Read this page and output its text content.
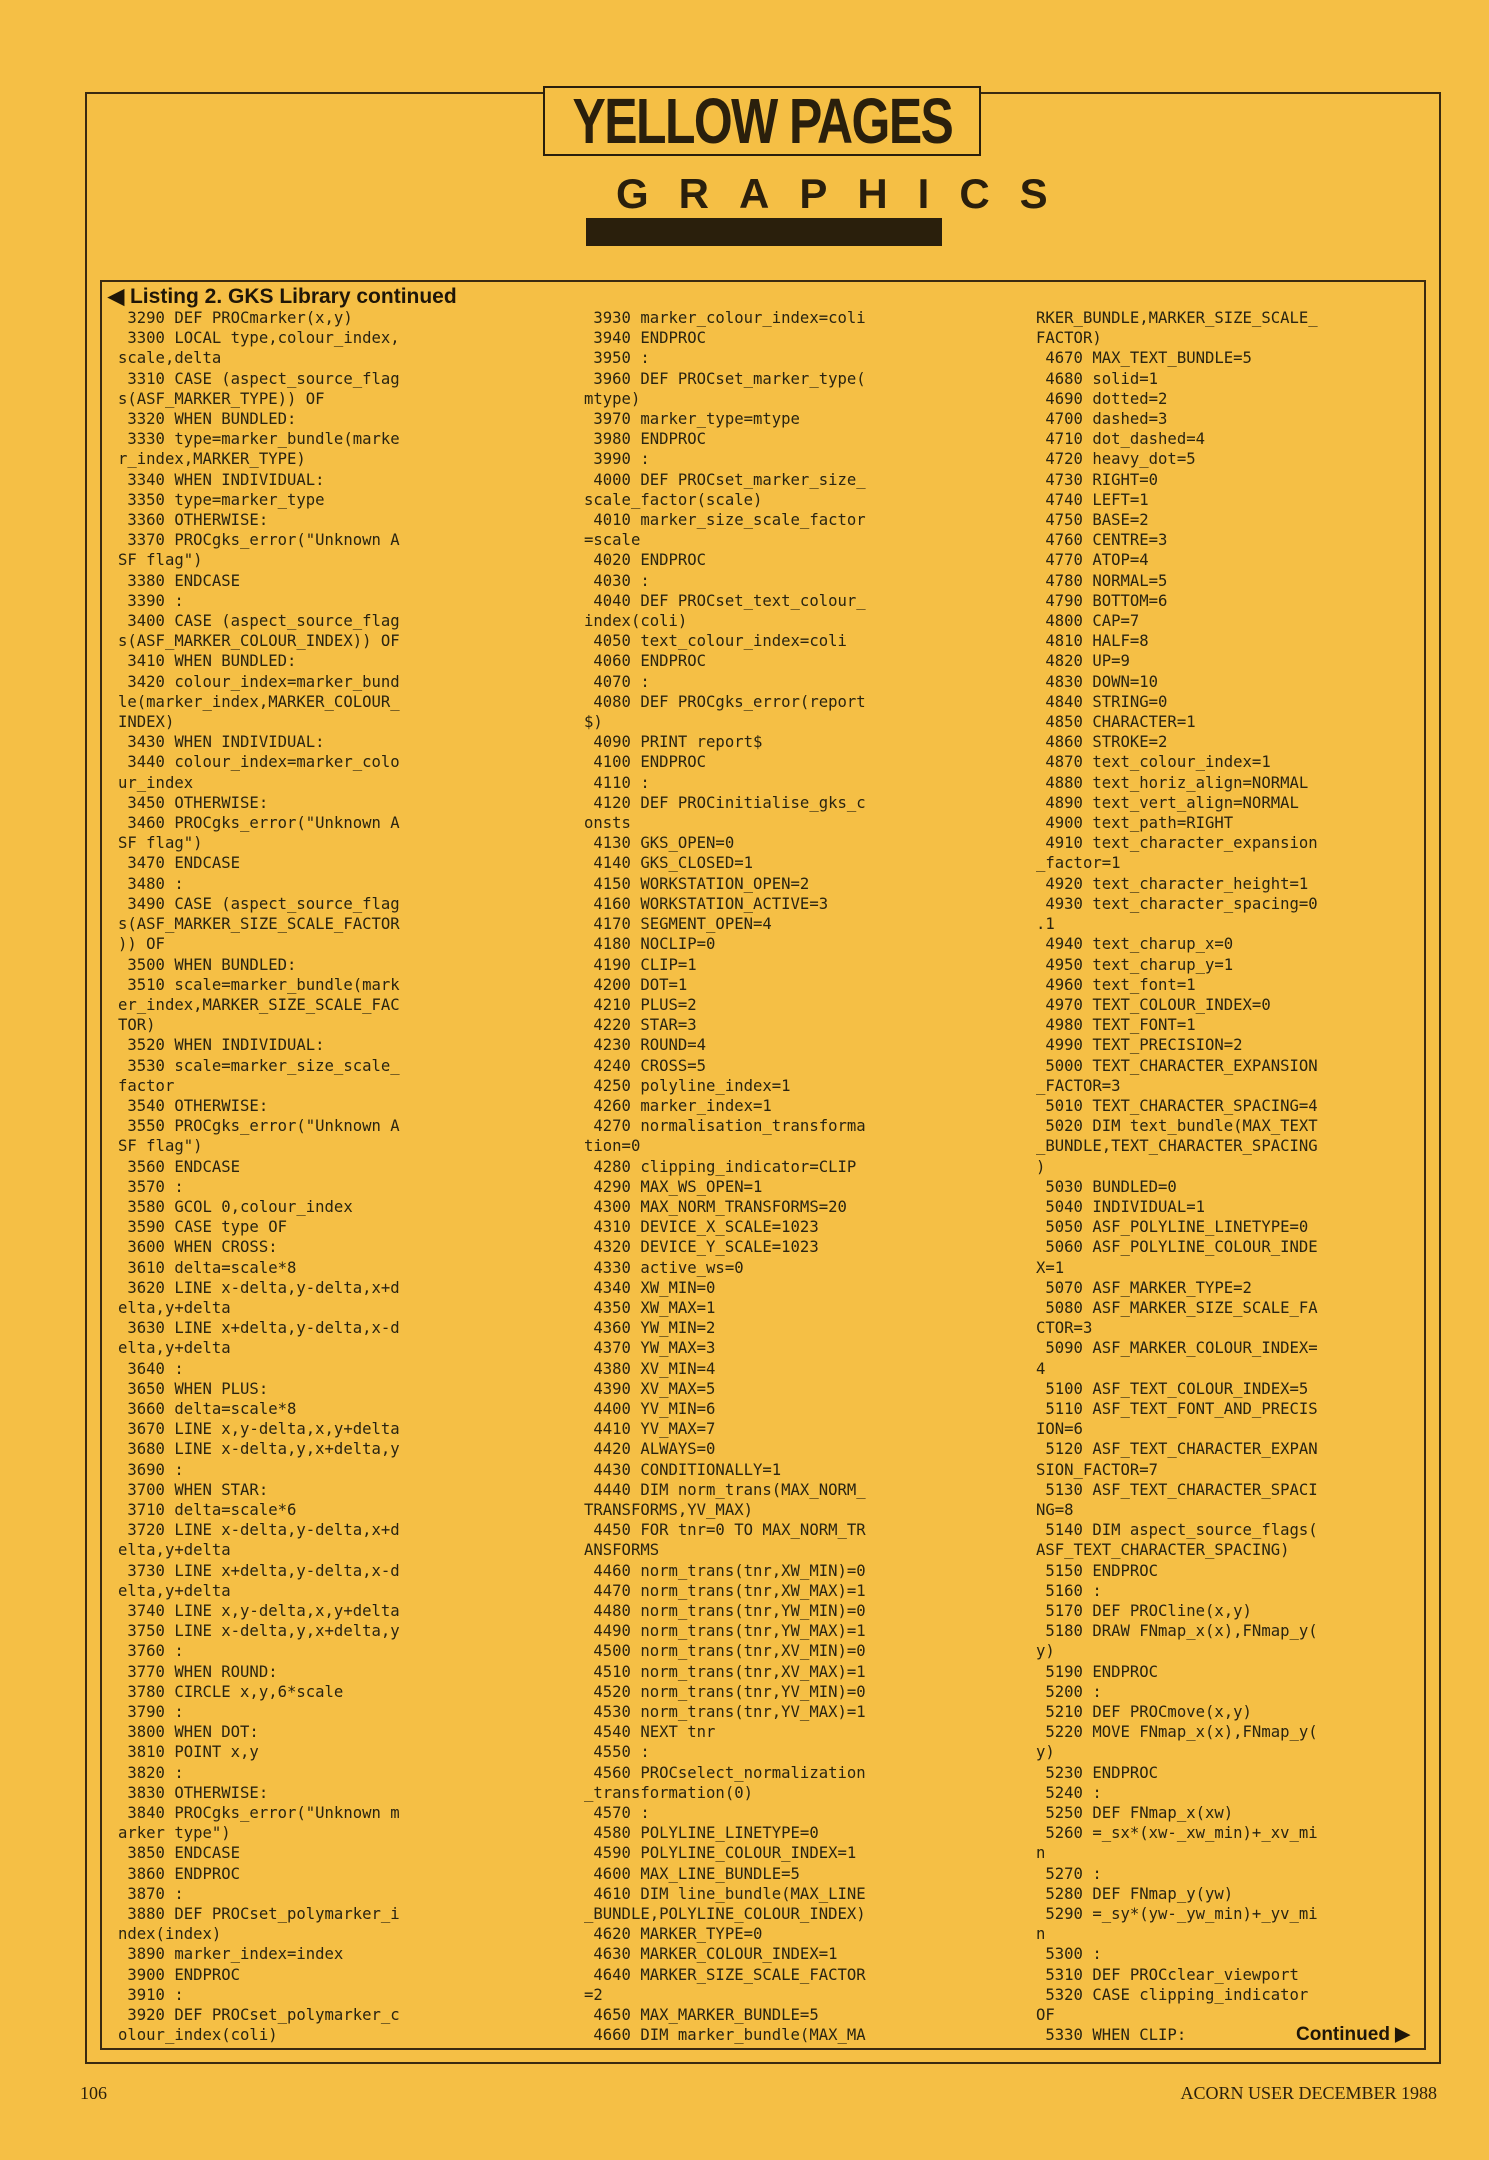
YELLOW PAGES
GRAPHICS
◀ Listing 2. GKS Library continued
3290 DEF PROCmarker(x,y)
3300 LOCAL type,colour_index,
scale,delta
3310 CASE (aspect_source_flag
s(ASF_MARKER_TYPE)) OF
3320 WHEN BUNDLED:
3330 type=marker_bundle(marke
r_index,MARKER_TYPE)
3340 WHEN INDIVIDUAL:
3350 type=marker_type
3360 OTHERWISE:
3370 PROCgks_error("Unknown A
SF flag")
3380 ENDCASE
3390 :
3400 CASE (aspect_source_flag
s(ASF_MARKER_COLOUR_INDEX)) OF
3410 WHEN BUNDLED:
3420 colour_index=marker_bund
le(marker_index,MARKER_COLOUR_
INDEX)
3430 WHEN INDIVIDUAL:
3440 colour_index=marker_colo
ur_index
3450 OTHERWISE:
3460 PROCgks_error("Unknown A
SF flag")
3470 ENDCASE
3480 :
3490 CASE (aspect_source_flag
s(ASF_MARKER_SIZE_SCALE_FACTOR
)) OF
3500 WHEN BUNDLED:
3510 scale=marker_bundle(mark
er_index,MARKER_SIZE_SCALE_FAC
TOR)
3520 WHEN INDIVIDUAL:
3530 scale=marker_size_scale_
factor
3540 OTHERWISE:
3550 PROCgks_error("Unknown A
SF flag")
3560 ENDCASE
3570 :
3580 GCOL 0,colour_index
3590 CASE type OF
3600 WHEN CROSS:
3610 delta=scale*8
3620 LINE x-delta,y-delta,x+d
elta,y+delta
3630 LINE x+delta,y-delta,x-d
elta,y+delta
3640 :
3650 WHEN PLUS:
3660 delta=scale*8
3670 LINE x,y-delta,x,y+delta
3680 LINE x-delta,y,x+delta,y
3690 :
3700 WHEN STAR:
3710 delta=scale*6
3720 LINE x-delta,y-delta,x+d
elta,y+delta
3730 LINE x+delta,y-delta,x-d
elta,y+delta
3740 LINE x,y-delta,x,y+delta
3750 LINE x-delta,y,x+delta,y
3760 :
3770 WHEN ROUND:
3780 CIRCLE x,y,6*scale
3790 :
3800 WHEN DOT:
3810 POINT x,y
3820 :
3830 OTHERWISE:
3840 PROCgks_error("Unknown m
arker type")
3850 ENDCASE
3860 ENDPROC
3870 :
3880 DEF PROCset_polymarker_i
ndex(index)
3890 marker_index=index
3900 ENDPROC
3910 :
3920 DEF PROCset_polymarker_c
olour_index(coli)
3930 marker_colour_index=coli
3940 ENDPROC
3950 :
3960 DEF PROCset_marker_type(
mtype)
3970 marker_type=mtype
3980 ENDPROC
3990 :
4000 DEF PROCset_marker_size_
scale_factor(scale)
4010 marker_size_scale_factor
=scale
4020 ENDPROC
4030 :
4040 DEF PROCset_text_colour_
index(coli)
4050 text_colour_index=coli
4060 ENDPROC
4070 :
4080 DEF PROCgks_error(report
$)
4090 PRINT report$
4100 ENDPROC
4110 :
4120 DEF PROCinitialise_gks_c
onsts
4130 GKS_OPEN=0
4140 GKS_CLOSED=1
4150 WORKSTATION_OPEN=2
4160 WORKSTATION_ACTIVE=3
4170 SEGMENT_OPEN=4
4180 NOCLIP=0
4190 CLIP=1
4200 DOT=1
4210 PLUS=2
4220 STAR=3
4230 ROUND=4
4240 CROSS=5
4250 polyline_index=1
4260 marker_index=1
4270 normalisation_transforma
tion=0
4280 clipping_indicator=CLIP
4290 MAX_WS_OPEN=1
4300 MAX_NORM_TRANSFORMS=20
4310 DEVICE_X_SCALE=1023
4320 DEVICE_Y_SCALE=1023
4330 active_ws=0
4340 XW_MIN=0
4350 XW_MAX=1
4360 YW_MIN=2
4370 YW_MAX=3
4380 XV_MIN=4
4390 XV_MAX=5
4400 YV_MIN=6
4410 YV_MAX=7
4420 ALWAYS=0
4430 CONDITIONALLY=1
4440 DIM norm_trans(MAX_NORM_
TRANSFORMS,YV_MAX)
4450 FOR tnr=0 TO MAX_NORM_TR
ANSFORMS
4460 norm_trans(tnr,XW_MIN)=0
4470 norm_trans(tnr,XW_MAX)=1
4480 norm_trans(tnr,YW_MIN)=0
4490 norm_trans(tnr,YW_MAX)=1
4500 norm_trans(tnr,XV_MIN)=0
4510 norm_trans(tnr,XV_MAX)=1
4520 norm_trans(tnr,YV_MIN)=0
4530 norm_trans(tnr,YV_MAX)=1
4540 NEXT tnr
4550 :
4560 PROCselect_normalization
_transformation(0)
4570 :
4580 POLYLINE_LINETYPE=0
4590 POLYLINE_COLOUR_INDEX=1
4600 MAX_LINE_BUNDLE=5
4610 DIM line_bundle(MAX_LINE
_BUNDLE,POLYLINE_COLOUR_INDEX)
4620 MARKER_TYPE=0
4630 MARKER_COLOUR_INDEX=1
4640 MARKER_SIZE_SCALE_FACTOR
=2
4650 MAX_MARKER_BUNDLE=5
4660 DIM marker_bundle(MAX_MA
RKER_BUNDLE,MARKER_SIZE_SCALE_
FACTOR)
4670 MAX_TEXT_BUNDLE=5
4680 solid=1
4690 dotted=2
4700 dashed=3
4710 dot_dashed=4
4720 heavy_dot=5
4730 RIGHT=0
4740 LEFT=1
4750 BASE=2
4760 CENTRE=3
4770 ATOP=4
4780 NORMAL=5
4790 BOTTOM=6
4800 CAP=7
4810 HALF=8
4820 UP=9
4830 DOWN=10
4840 STRING=0
4850 CHARACTER=1
4860 STROKE=2
4870 text_colour_index=1
4880 text_horiz_align=NORMAL
4890 text_vert_align=NORMAL
4900 text_path=RIGHT
4910 text_character_expansion
_factor=1
4920 text_character_height=1
4930 text_character_spacing=0
.1
4940 text_charup_x=0
4950 text_charup_y=1
4960 text_font=1
4970 TEXT_COLOUR_INDEX=0
4980 TEXT_FONT=1
4990 TEXT_PRECISION=2
5000 TEXT_CHARACTER_EXPANSION
_FACTOR=3
5010 TEXT_CHARACTER_SPACING=4
5020 DIM text_bundle(MAX_TEXT
_BUNDLE,TEXT_CHARACTER_SPACING
)
5030 BUNDLED=0
5040 INDIVIDUAL=1
5050 ASF_POLYLINE_LINETYPE=0
5060 ASF_POLYLINE_COLOUR_INDE
X=1
5070 ASF_MARKER_TYPE=2
5080 ASF_MARKER_SIZE_SCALE_FA
CTOR=3
5090 ASF_MARKER_COLOUR_INDEX=
4
5100 ASF_TEXT_COLOUR_INDEX=5
5110 ASF_TEXT_FONT_AND_PRECIS
ION=6
5120 ASF_TEXT_CHARACTER_EXPAN
SION_FACTOR=7
5130 ASF_TEXT_CHARACTER_SPACI
NG=8
5140 DIM aspect_source_flags(
ASF_TEXT_CHARACTER_SPACING)
5150 ENDPROC
5160 :
5170 DEF PROCline(x,y)
5180 DRAW FNmap_x(x),FNmap_y(
y)
5190 ENDPROC
5200 :
5210 DEF PROCmove(x,y)
5220 MOVE FNmap_x(x),FNmap_y(
y)
5230 ENDPROC
5240 :
5250 DEF FNmap_x(xw)
5260 =_sx*(xw-_xw_min)+_xv_mi
n
5270 :
5280 DEF FNmap_y(yw)
5290 =_sy*(yw-_yw_min)+_yv_mi
n
5300 :
5310 DEF PROCclear_viewport
5320 CASE clipping_indicator
OF
5330 WHEN CLIP:	Continued ▶
106	ACORN USER DECEMBER 1988
